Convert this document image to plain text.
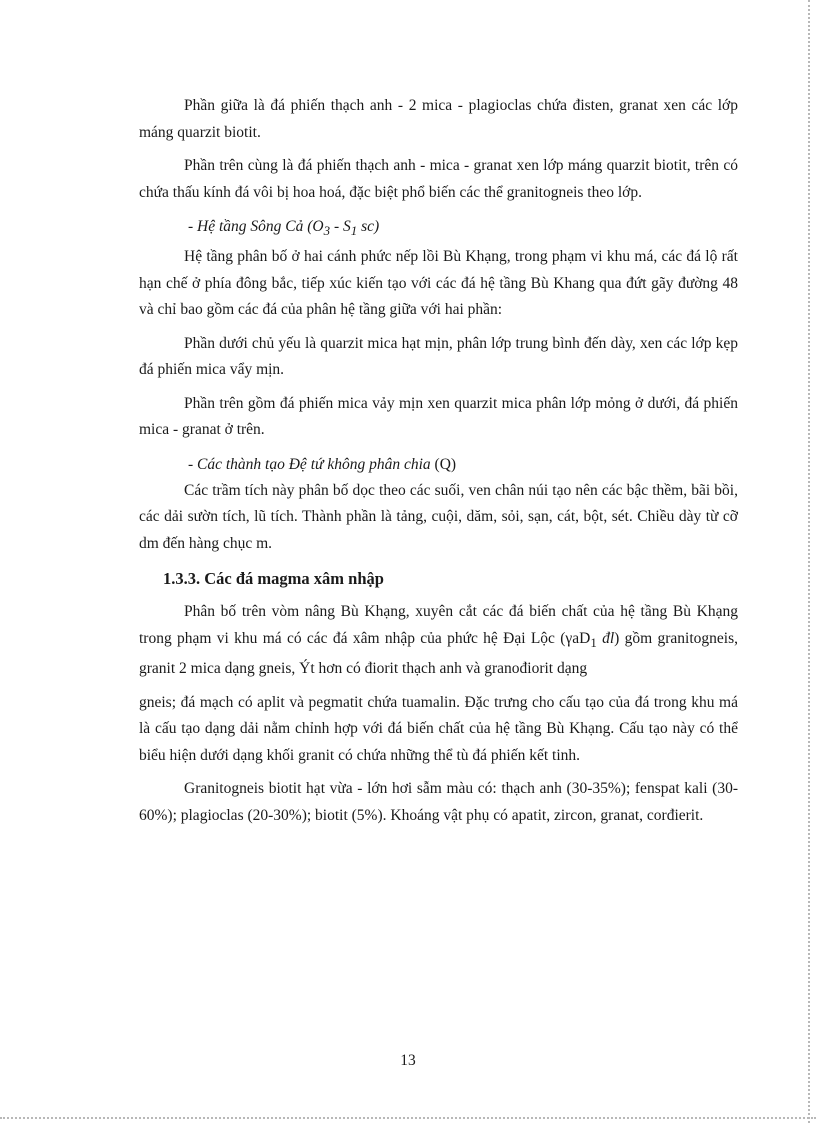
Phần giữa là đá phiến thạch anh - 2 mica - plagioclas chứa đisten, granat xen các lớp máng quarzit biotit.

Phần trên cùng là đá phiến thạch anh - mica - granat xen lớp máng quarzit biotit, trên có chứa thấu kính đá vôi bị hoa hoá, đặc biệt phổ biến các thể granitogneis theo lớp.

- Hệ tầng Sông Cả ($O_3 - S_1$ sc)

Hệ tầng phân bố ở hai cánh phức nếp lồi Bù Khạng, trong phạm vi khu má, các đá lộ rất hạn chế ở phía đông bắc, tiếp xúc kiến tạo với các đá hệ tầng Bù Khang qua đứt gãy đường 48 và chỉ bao gồm các đá của phân hệ tầng giữa với hai phần:

Phần dưới chủ yếu là quarzit mica hạt mịn, phân lớp trung bình đến dày, xen các lớp kẹp đá phiến mica vẩy mịn.

Phần trên gồm đá phiến mica vảy mịn xen quarzit mica phân lớp mỏng ở dưới, đá phiến mica - granat ở trên.

- Các thành tạo Đệ tứ không phân chia (Q)

Các trầm tích này phân bố dọc theo các suối, ven chân núi tạo nên các bậc thềm, bãi bồi, các dải sườn tích, lũ tích. Thành phần là tảng, cuội, dăm, sỏi, sạn, cát, bột, sét. Chiều dày từ cỡ dm đến hàng chục m.

1.3.3. Các đá magma xâm nhập

Phân bố trên vòm nâng Bù Khạng, xuyên cắt các đá biến chất của hệ tầng Bù Khạng trong phạm vi khu má có các đá xâm nhập của phức hệ Đại Lộc (γaD$_1$ đl) gồm granitogneis, granit 2 mica dạng gneis, Ýt hơn có điorit thạch anh và granođiorit dạng

gneis; đá mạch có aplit và pegmatit chứa tuamalin. Đặc trưng cho cấu tạo của đá trong khu má là cấu tạo dạng dải nằm chỉnh hợp với đá biến chất của hệ tầng Bù Khạng. Cấu tạo này có thể biểu hiện dưới dạng khối granit có chứa những thể tù đá phiến kết tinh.

Granitogneis biotit hạt vừa - lớn hơi sẫm màu có: thạch anh (30-35%); fenspat kali (30-60%); plagioclas (20-30%); biotit (5%). Khoáng vật phụ có apatit, zircon, granat, corđierit.

13
